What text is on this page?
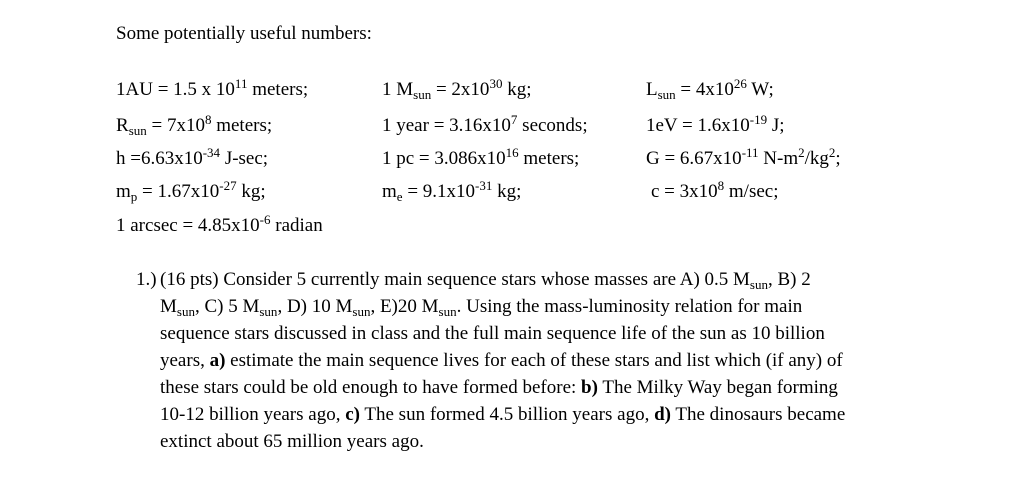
Some potentially useful numbers:
1AU = 1.5 x $10^{11}$ meters;
$R_{sun} = 7x10^8$ meters;
$h =6.63x10^{-34}$ J-sec;
$m_p = 1.67x10^{-27}$ kg;
1 $arcsec = 4.85x10^{-6}$ radian
1 $M_{sun} = 2x10^{30}$ kg;
1 year = $3.16x10^7$ seconds;
1 pc = $3.086x10^{16}$ meters;
$m_e = 9.1x10^{-31}$ kg;
$L_{sun} = 4x10^{26}$ W;
$1eV = 1.6x10^{-19}$ J;
$G = 6.67x10^{-11}$ $N-m^2/kg^2$;
$c = 3x10^8$ m/sec;
1.) (16 pts) Consider 5 currently main sequence stars whose masses are A) 0.5 $M_{sun}$, B) 2
$M_{sun}$, C) 5 $M_{sun}$, D) 10 $M_{sun}$, E)20 $M_{sun}$. Using the mass-luminosity relation for main
sequence stars discussed in class and the full main sequence life of the sun as 10 billion
years, a) estimate the main sequence lives for each of these stars and list which (if any) of
these stars could be old enough to have formed before: b) The Milky Way began forming
10-12 billion years ago, c) The sun formed 4.5 billion years ago, d) The dinosaurs became
extinct about 65 million years ago.
